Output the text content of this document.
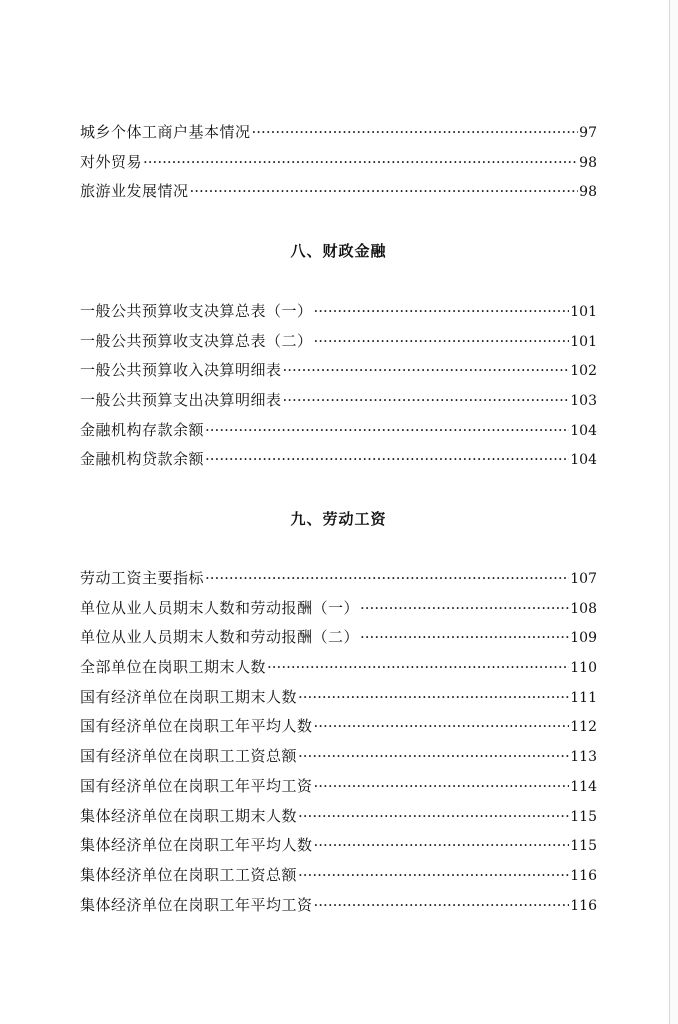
城乡个体工商户基本情况 ·····	97
对外贸易 ·····	98
旅游业发展情况 ·····	98
八、财政金融
一般公共预算收支决算总表（一） ·····	101
一般公共预算收支决算总表（二） ·····	101
一般公共预算收入决算明细表 ·····	102
一般公共预算支出决算明细表 ·····	103
金融机构存款余额 ·····	104
金融机构贷款余额 ·····	104
九、劳动工资
劳动工资主要指标 ·····	107
单位从业人员期末人数和劳动报酬（一） ·····	108
单位从业人员期末人数和劳动报酬（二） ·····	109
全部单位在岗职工期末人数 ·····	110
国有经济单位在岗职工期末人数 ·····	111
国有经济单位在岗职工年平均人数 ·····	112
国有经济单位在岗职工工资总额 ·····	113
国有经济单位在岗职工年平均工资 ·····	114
集体经济单位在岗职工期末人数 ·····	115
集体经济单位在岗职工年平均人数 ·····	115
集体经济单位在岗职工工资总额 ·····	116
集体经济单位在岗职工年平均工资 ·····	116
